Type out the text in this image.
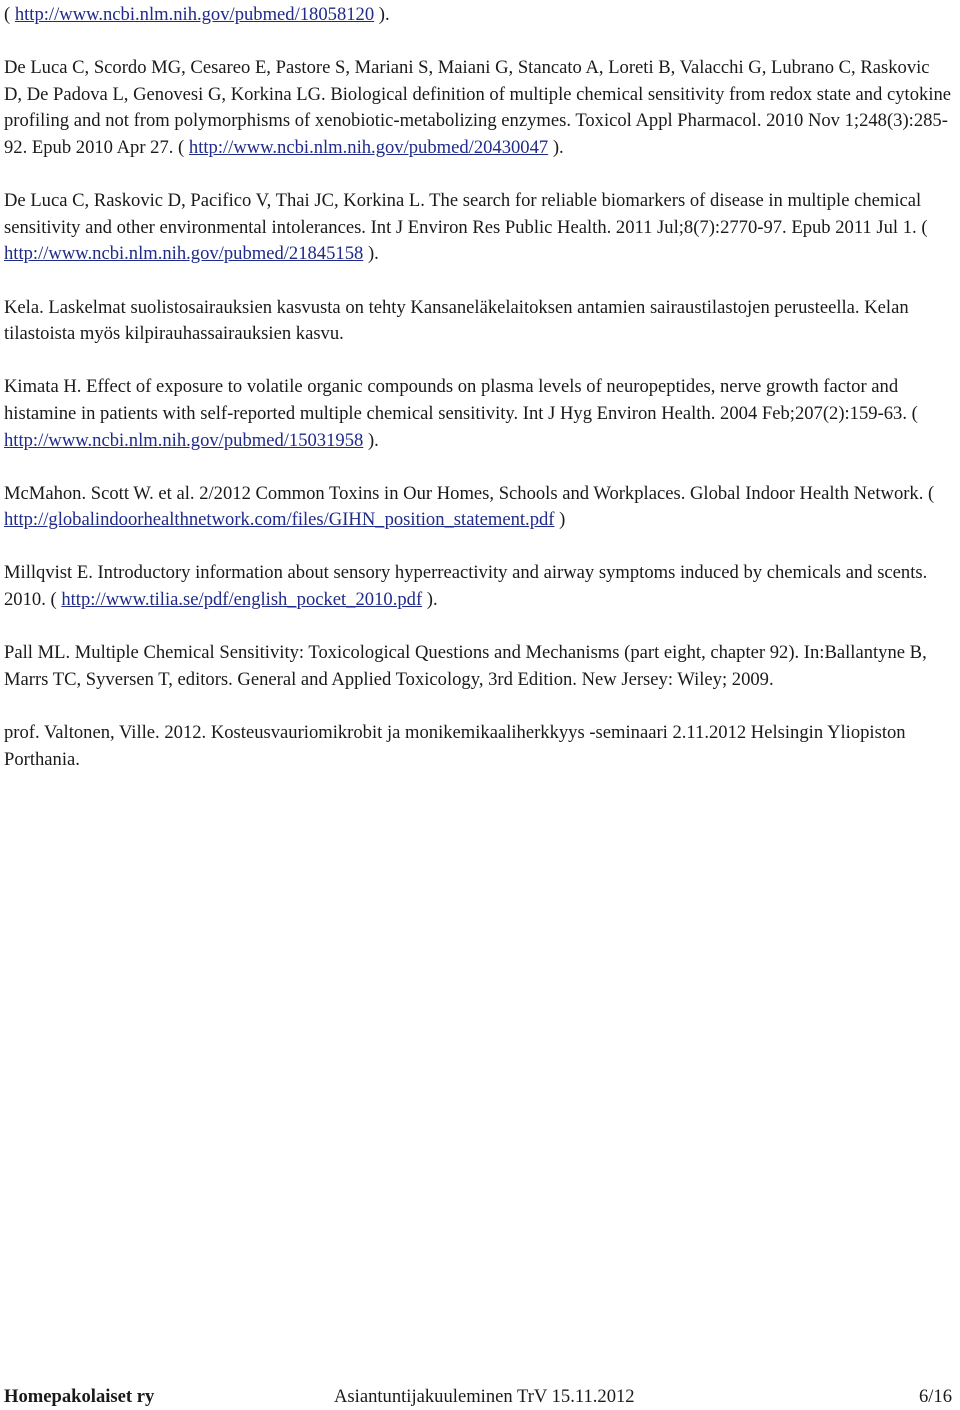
( http://www.ncbi.nlm.nih.gov/pubmed/18058120 ).

De Luca C, Scordo MG, Cesareo E, Pastore S, Mariani S, Maiani G, Stancato A, Loreti B, Valacchi G, Lubrano C, Raskovic D, De Padova L, Genovesi G, Korkina LG. Biological definition of multiple chemical sensitivity from redox state and cytokine profiling and not from polymorphisms of xenobiotic-metabolizing enzymes. Toxicol Appl Pharmacol. 2010 Nov 1;248(3):285-92. Epub 2010 Apr 27. ( http://www.ncbi.nlm.nih.gov/pubmed/20430047 ).

De Luca C, Raskovic D, Pacifico V, Thai JC, Korkina L. The search for reliable biomarkers of disease in multiple chemical sensitivity and other environmental intolerances. Int J Environ Res Public Health. 2011 Jul;8(7):2770-97. Epub 2011 Jul 1. ( http://www.ncbi.nlm.nih.gov/pubmed/21845158 ).

Kela. Laskelmat suolistosairauksien kasvusta on tehty Kansaneläkelaitoksen antamien sairaustilastojen perusteella. Kelan tilastoista myös kilpirauhassairauksien kasvu.

Kimata H. Effect of exposure to volatile organic compounds on plasma levels of neuropeptides, nerve growth factor and histamine in patients with self-reported multiple chemical sensitivity. Int J Hyg Environ Health. 2004 Feb;207(2):159-63. ( http://www.ncbi.nlm.nih.gov/pubmed/15031958 ).

McMahon. Scott W. et al. 2/2012 Common Toxins in Our Homes, Schools and Workplaces. Global Indoor Health Network. ( http://globalindoorhealthnetwork.com/files/GIHN_position_statement.pdf )

Millqvist E. Introductory information about sensory hyperreactivity and airway symptoms induced by chemicals and scents. 2010. ( http://www.tilia.se/pdf/english_pocket_2010.pdf ).

Pall ML. Multiple Chemical Sensitivity: Toxicological Questions and Mechanisms (part eight, chapter 92). In:Ballantyne B, Marrs TC, Syversen T, editors. General and Applied Toxicology, 3rd Edition. New Jersey: Wiley; 2009.

prof. Valtonen, Ville. 2012. Kosteusvauriomikrobit ja monikemikaaliherkkyys -seminaari 2.11.2012 Helsingin Yliopiston Porthania.

Homepakolaiset ry	Asiantuntijakuuleminen TrV 15.11.2012	6/16
